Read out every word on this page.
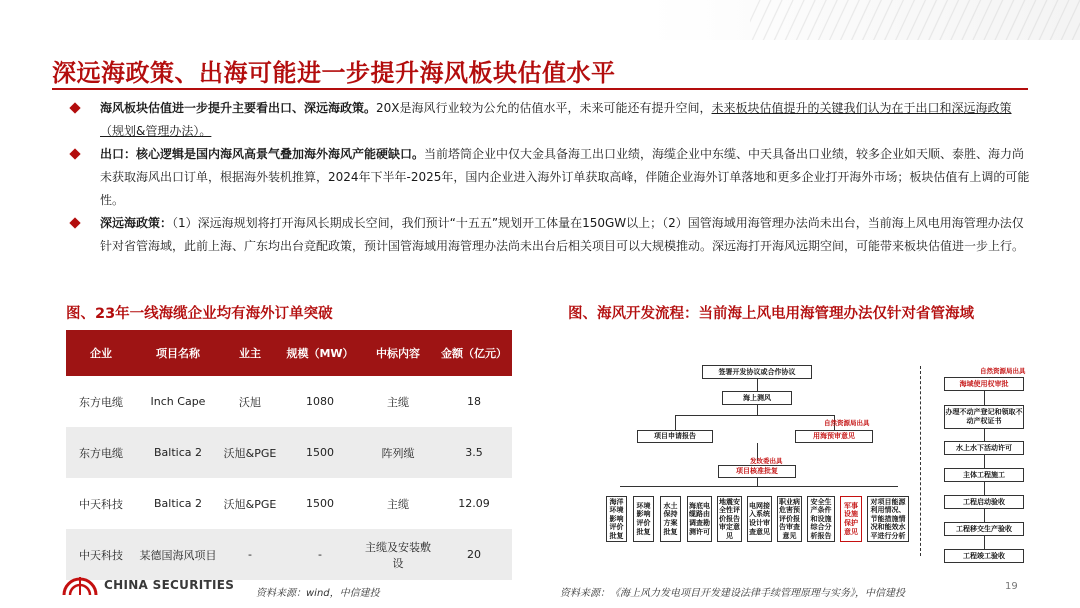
深远海政策、出海可能进一步提升海风板块估值水平
海风板块估值进一步提升主要看出口、深远海政策。20X是海风行业较为公允的估值水平，未来可能还有提升空间，未来板块估值提升的关键我们认为在于出口和深远海政策（规划&管理办法）。
出口：核心逻辑是国内海风高景气叠加海外海风产能硬缺口。当前塔筒企业中仅大金具备海工出口业绩，海缆企业中东缆、中天具备出口业绩，较多企业如天顺、泰胜、海力尚未获取海风出口订单，根据海外装机推算，2024年下半年-2025年，国内企业进入海外订单获取高峰，伴随企业海外订单落地和更多企业打开海外市场；板块估值有上调的可能性。
深远海政策：（1）深远海规划将打开海风长期成长空间，我们预计“十五五”规划开工体量在150GW以上；（2）国管海域用海管理办法尚未出台，当前海上风电用海管理办法仅针对省管海域，此前上海、广东均出台竞配政策，预计国管海域用海管理办法尚未出台后相关项目可以大规模推动。深远海打开海风远期空间，可能带来板块估值进一步上行。
图、23年一线海缆企业均有海外订单突破	图、海风开发流程：当前海上风电用海管理办法仅针对省管海域
企业	项目名称	业主	规模（MW）	中标内容	金额（亿元）
东方电缆	Inch Cape	沃旭	1080	主缆	18
东方电缆	Baltica 2	沃旭&PGE	1500	阵列缆	3.5
中天科技	Baltica 2	沃旭&PGE	1500	主缆	12.09
中天科技	某德国海风项目	-	-	主缆及安装敷设	20
签署开发协议或合作协议
海上测风
自然资源局出具
项目申请报告	用海预审意见
发改委出具
项目核准批复
海洋环境影响评价批复
环境影响评价批复
水土保持方案批复
海底电缆路由调查勘测许可
地震安全性评价报告审定意见
电网接入系统设计审查意见
职业病危害预评价报告审查意见
安全生产条件和设施综合分析报告
军事设施保护意见
对项目能源利用情况、节能措施情况和能效水平进行分析
自然资源局出具
海域使用权审批
办理不动产登记和领取不动产权证书
水上水下活动许可
主体工程施工
工程启动验收
工程移交生产验收
工程竣工验收
CHINA SECURITIES
资料来源：wind，中信建投	资料来源：《海上风力发电项目开发建设法律手续管理原理与实务》，中信建投
19
